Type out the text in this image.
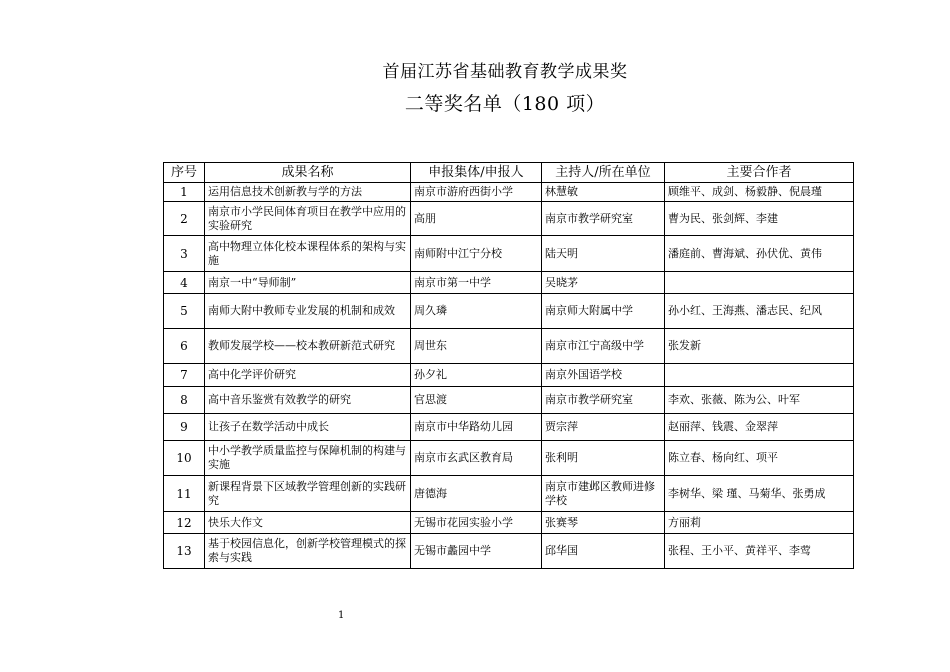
首届江苏省基础教育教学成果奖
二等奖名单（180 项）
序号	成果名称	申报集体/申报人	主持人/所在单位	主要合作者
1	运用信息技术创新教与学的方法	南京市游府西街小学	林慧敏	顾维平、成剑、杨毅静、倪晨瑾
2	南京市小学民间体育项目在教学中应用的实验研究	高朋	南京市教学研究室	曹为民、张剑辉、李建
3	高中物理立体化校本课程体系的架构与实施	南师附中江宁分校	陆天明	潘庭前、曹海斌、孙伏优、黄伟
4	南京一中“导师制”	南京市第一中学	吴晓茅	
5	南师大附中教师专业发展的机制和成效	周久璘	南京师大附属中学	孙小红、王海燕、潘志民、纪风
6	教师发展学校——校本教研新范式研究	周世东	南京市江宁高级中学	张发新
7	高中化学评价研究	孙夕礼	南京外国语学校	
8	高中音乐鉴赏有效教学的研究	官思渡	南京市教学研究室	李欢、张薇、陈为公、叶军
9	让孩子在数学活动中成长	南京市中华路幼儿园	贾宗萍	赵丽萍、钱震、金翠萍
10	中小学教学质量监控与保障机制的构建与实施	南京市玄武区教育局	张利明	陈立春、杨向红、项平
11	新课程背景下区域教学管理创新的实践研究	唐德海	南京市建邺区教师进修学校	李树华、梁 瑾、马菊华、张勇成
12	快乐大作文	无锡市花园实验小学	张赛琴	方丽莉
13	基于校园信息化，创新学校管理模式的探索与实践	无锡市蠡园中学	邱华国	张程、王小平、黄祥平、李莺
1
